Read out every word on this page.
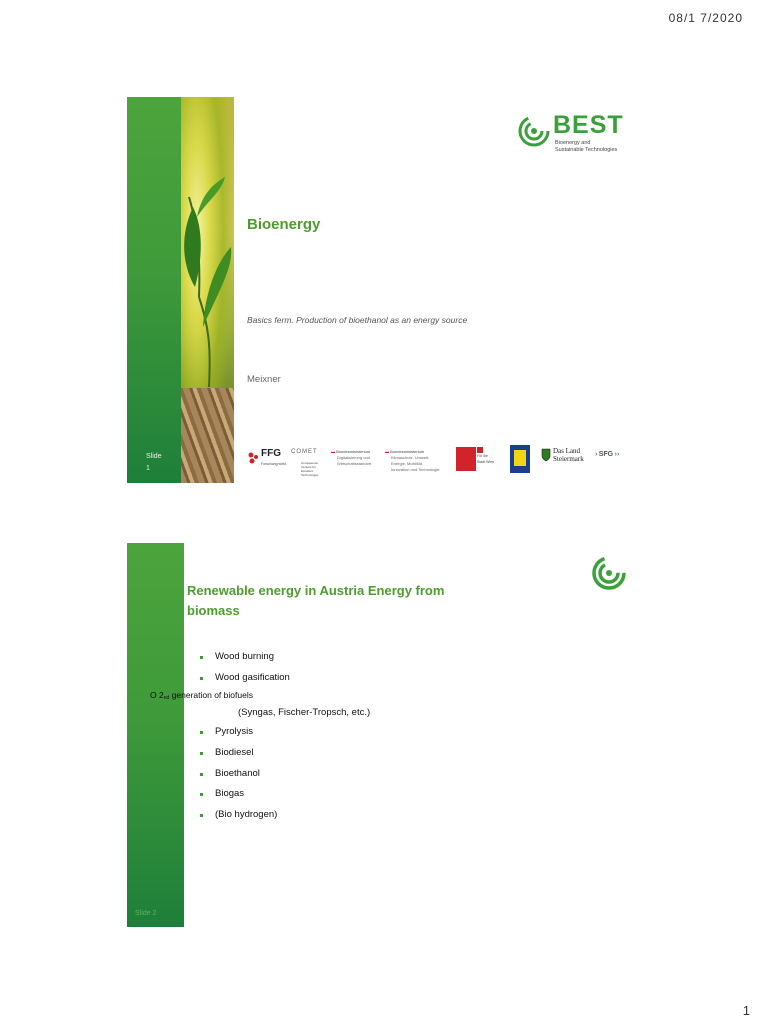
08/1 7/2020
Slide
1
BEST
Bioenergy and
Sustainable Technologies
Bioenergy
Basics ferm. Production of bioethanol as an energy source
Meixner
FFG
Forschung wirkt.
COMET
Competence Centers for Excellent Technologies
▬ Bundesministerium
Digitalisierung und
Wirtschaftsstandort
▬ Bundesministerium
Klimaschutz, Umwelt,
Energie, Mobilität,
Innovation und Technologie
Für die
Stadt Wien
Das Land
Steiermark
› SFG ››
Slide 2
Renewable energy in Austria Energy from
biomass
Wood burning
Wood gasification
Pyrolysis
Biodiesel
Bioethanol
Biogas
(Bio hydrogen)
O $2_{nd}$ generation of biofuels
(Syngas, Fischer-Tropsch, etc.)
1
